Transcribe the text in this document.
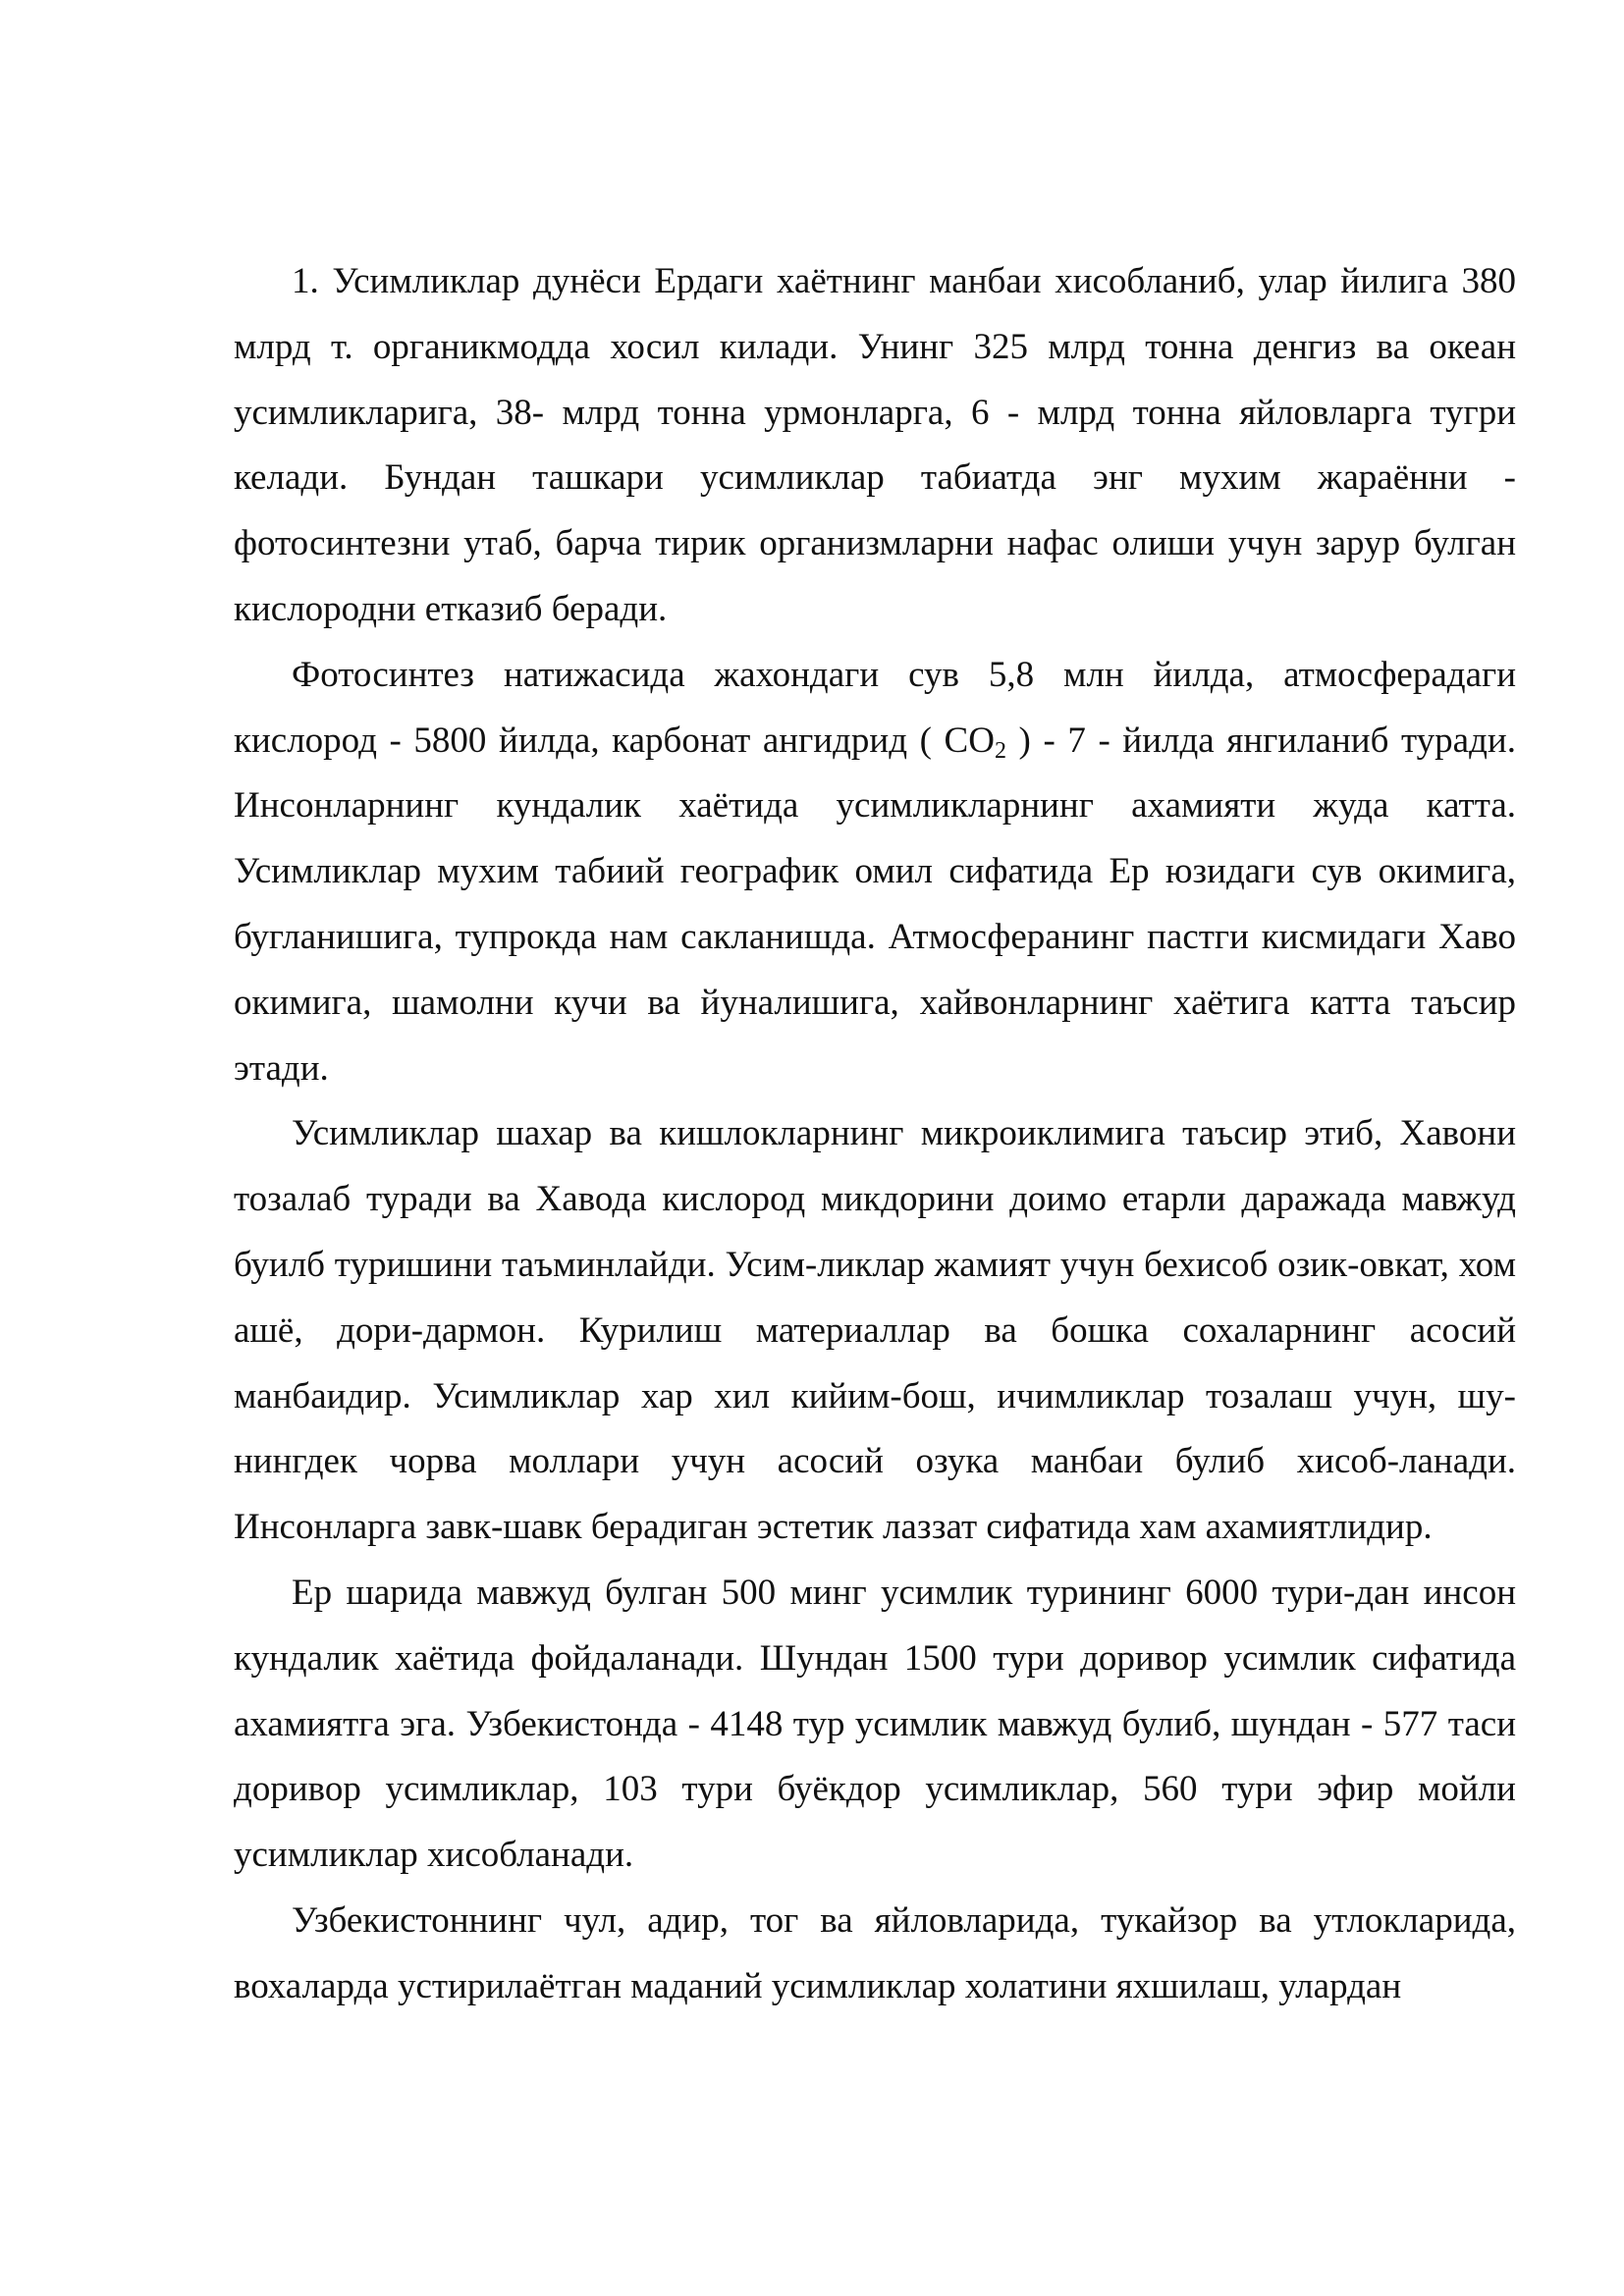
1. Усимликлар дунёси Ердаги хаётнинг манбаи хисобланиб, улар йилига 380 млрд т. органикмодда хосил килади. Унинг 325 млрд тонна денгиз ва океан усимликларига, 38- млрд тонна урмонларга, 6 - млрд тонна яйловларга тугри келади. Бундан ташкари усимликлар табиатда энг мухим жараённи - фотосинтезни утаб, барча тирик организмларни нафас олиши учун зарур булган кислородни етказиб беради.

Фотосинтез натижасида жахондаги сув 5,8 млн йилда, атмосферадаги кислород - 5800 йилда, карбонат ангидрид ( $CO_2$ ) - 7 - йилда янгиланиб туради. Инсонларнинг кундалик хаётида усимликларнинг ахамияти жуда катта. Усимликлар мухим табиий географик омил сифатида Ер юзидаги сув окимига, бугланишига, тупрокда нам сакланишда. Атмосферанинг пастги кисмидаги Хаво окимига, шамолни кучи ва йуналишига, хайвонларнинг хаётига катта таъсир этади.

Усимликлар шахар ва кишлокларнинг микроиклимига таъсир этиб, Хавони тозалаб туради ва Хавода кислород микдорини доимо етарли даражада мавжуд буилб туришини таъминлайди. Усим-ликлар жамият учун бехисоб озик-овкат, хом ашё, дори-дармон. Курилиш материаллар ва бошка сохаларнинг асосий манбаидир. Усимликлар хар хил кийим-бош, ичимликлар тозалаш учун, шу-нингдек чорва моллари учун асосий озука манбаи булиб хисоб-ланади. Инсонларга завк-шавк берадиган эстетик лаззат сифатида хам ахамиятлидир.

Ер шарида мавжуд булган 500 минг усимлик турининг 6000 тури-дан инсон кундалик хаётида фойдаланади. Шундан 1500 тури доривор усимлик сифатида ахамиятга эга. Узбекистонда - 4148 тур усимлик мавжуд булиб, шундан - 577 таси доривор усимликлар, 103 тури буёкдор усимликлар, 560 тури эфир мойли усимликлар хисобланади.

Узбекистоннинг чул, адир, тог ва яйловларида, тукайзор ва утлокларида, вохаларда устирилаётган маданий усимликлар холатини яхшилаш, улардан
